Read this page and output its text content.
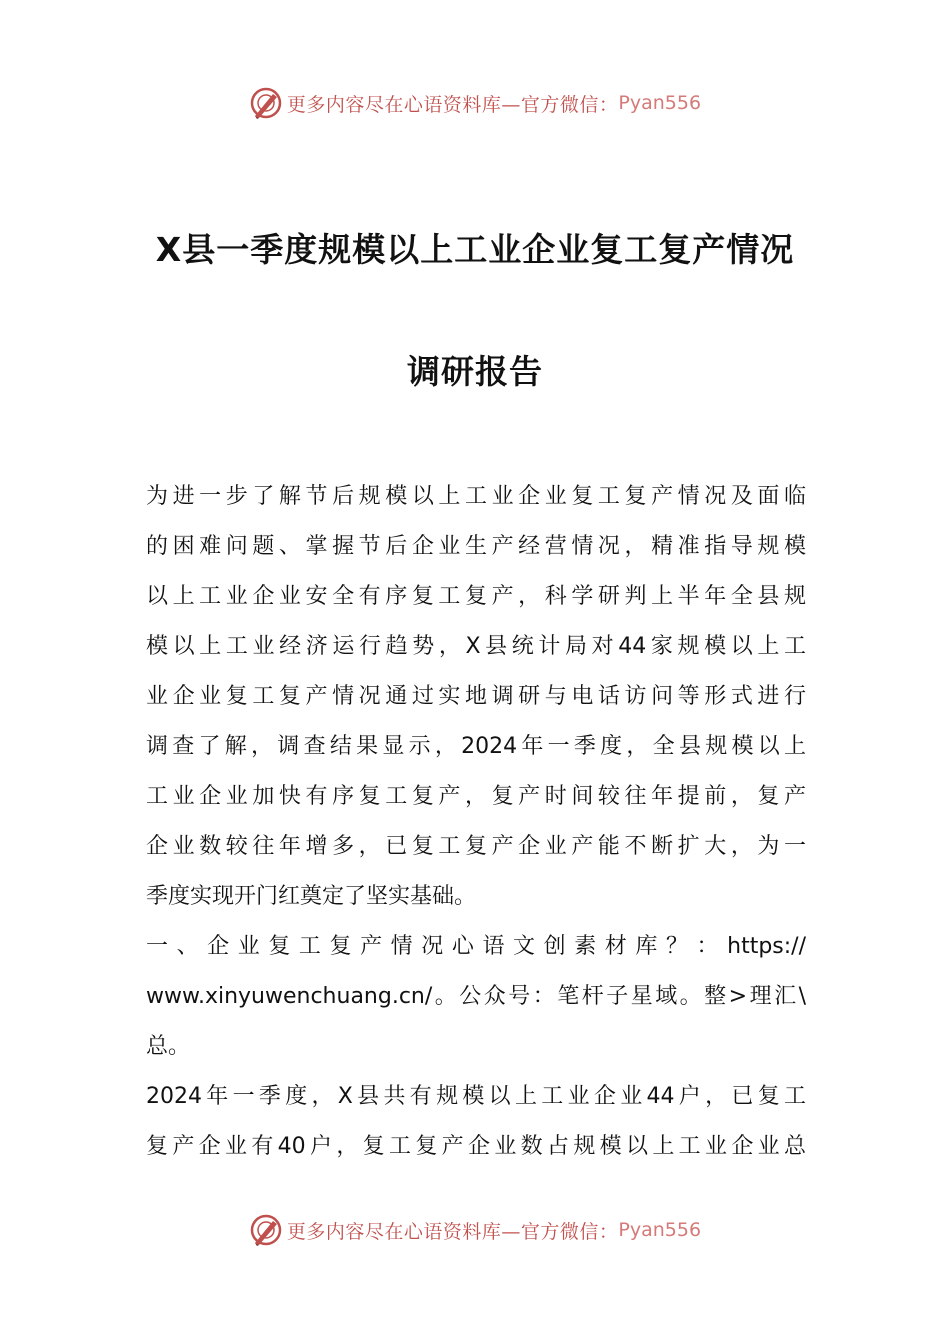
更多内容尽在心语资料库—官方微信： Pyan556
X县一季度规模以上工业企业复工复产情况
调研报告
为进一步了解节后规模以上工业企业复工复产情况及面临
的困难问题、掌握节后企业生产经营情况，精准指导规模
以上工业企业安全有序复工复产，科学研判上半年全县规
模以上工业经济运行趋势，X县统计局对44家规模以上工
业企业复工复产情况通过实地调研与电话访问等形式进行
调查了解，调查结果显示，2024年一季度，全县规模以上
工业企业加快有序复工复产，复产时间较往年提前，复产
企业数较往年增多，已复工复产企业产能不断扩大，为一
季度实现开门红奠定了坚实基础。
一、企业复工复产情况心语文创素材库？：https://
www.xinyuwenchuang.cn/。公众号：笔杆子星域。整>理汇\
总。
2024年一季度，X县共有规模以上工业企业44户，已复工
复产企业有40户，复工复产企业数占规模以上工业企业总
更多内容尽在心语资料库—官方微信： Pyan556
